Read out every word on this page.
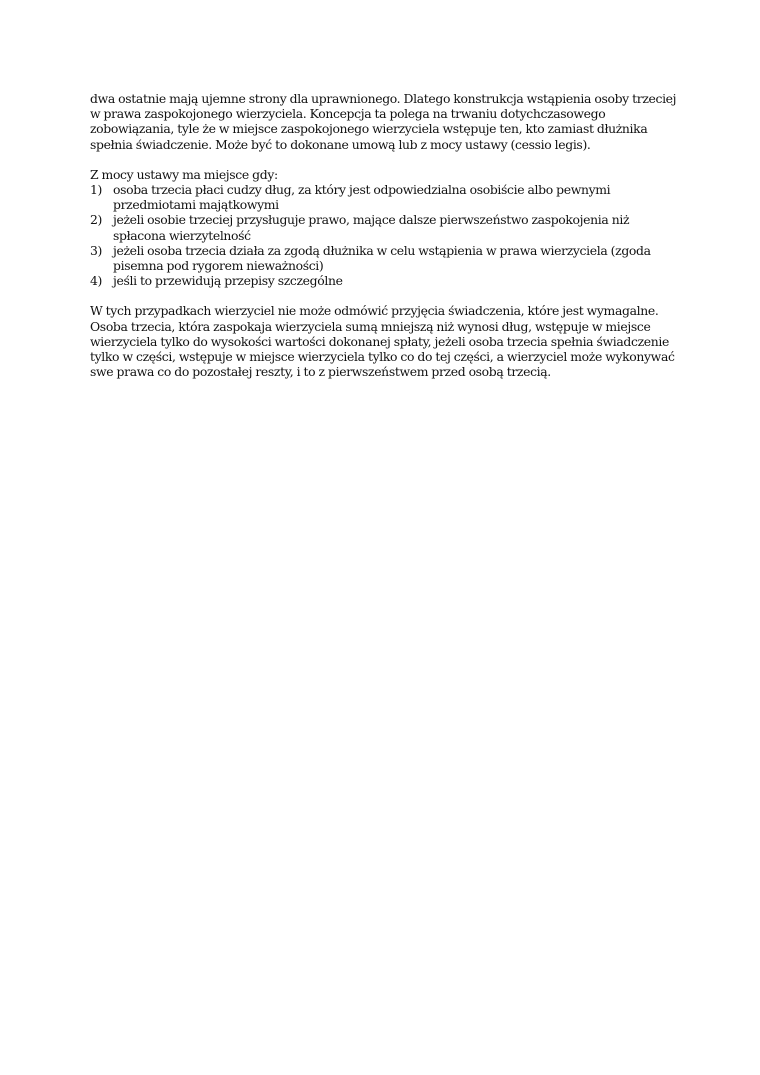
dwa ostatnie mają ujemne strony dla uprawnionego. Dlatego konstrukcja wstąpienia osoby trzeciej w prawa zaspokojonego wierzyciela. Koncepcja ta polega na trwaniu dotychczasowego zobowiązania, tyle że w miejsce zaspokojonego wierzyciela wstępuje ten, kto zamiast dłużnika spełnia świadczenie. Może być to dokonane umową lub z mocy ustawy (cessio legis).

Z mocy ustawy ma miejsce gdy:

1) osoba trzecia płaci cudzy dług, za który jest odpowiedzialna osobiście albo pewnymi przedmiotami majątkowymi
2) jeżeli osobie trzeciej przysługuje prawo, mające dalsze pierwszeństwo zaspokojenia niż spłacona wierzytelność
3) jeżeli osoba trzecia działa za zgodą dłużnika w celu wstąpienia w prawa wierzyciela (zgoda pisemna pod rygorem nieważności)
4) jeśli to przewidują przepisy szczególne

W tych przypadkach wierzyciel nie może odmówić przyjęcia świadczenia, które jest wymagalne. Osoba trzecia, która zaspokaja wierzyciela sumą mniejszą niż wynosi dług, wstępuje w miejsce wierzyciela tylko do wysokości wartości dokonanej spłaty, jeżeli osoba trzecia spełnia świadczenie tylko w części, wstępuje w miejsce wierzyciela tylko co do tej części, a wierzyciel może wykonywać swe prawa co do pozostałej reszty, i to z pierwszeństwem przed osobą trzecią.
